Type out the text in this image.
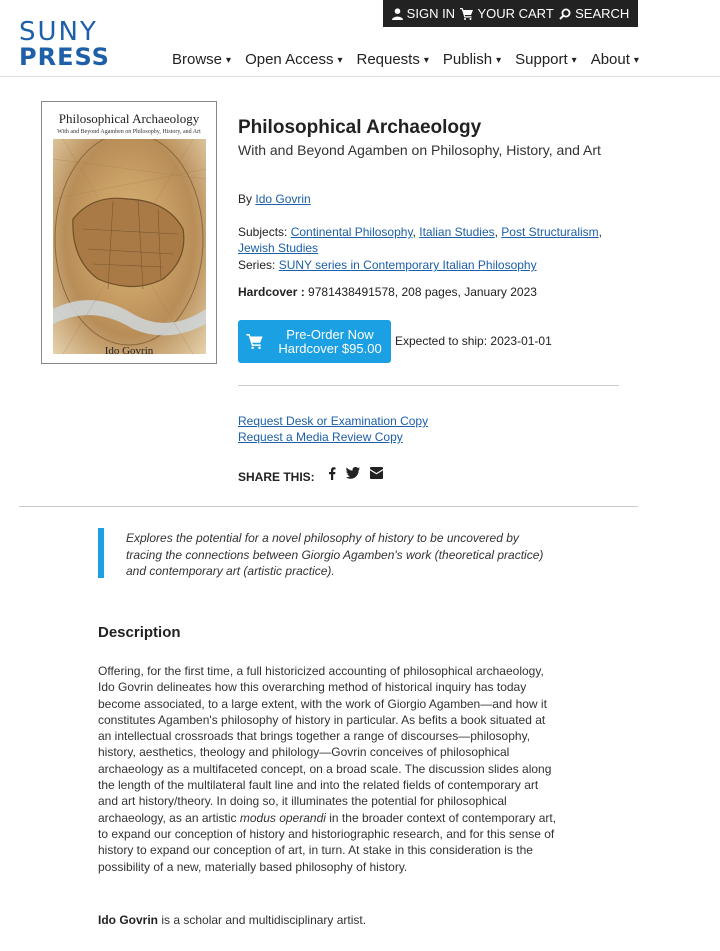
SUNY
PRESS
SIGN IN YOUR CART SEARCH
Browse ▾ Open Access ▾ Requests ▾ Publish ▾ Support ▾ About ▾
Philosophical Archaeology
With and Beyond Agamben on Philosophy, History, and Art
Ido Govrin
Philosophical Archaeology
With and Beyond Agamben on Philosophy, History, and Art
By Ido Govrin
Subjects: Continental Philosophy, Italian Studies, Post Structuralism, Jewish Studies
Series: SUNY series in Contemporary Italian Philosophy
Hardcover : 9781438491578, 208 pages, January 2023
Pre-Order Now
Hardcover $95.00	Expected to ship: 2023-01-01
Request Desk or Examination Copy
Request a Media Review Copy
SHARE THIS:
Explores the potential for a novel philosophy of history to be uncovered by tracing the connections between Giorgio Agamben's work (theoretical practice) and contemporary art (artistic practice).
Description
Offering, for the first time, a full historicized accounting of philosophical archaeology, Ido Govrin delineates how this overarching method of historical inquiry has today become associated, to a large extent, with the work of Giorgio Agamben—and how it constitutes Agamben's philosophy of history in particular. As befits a book situated at an intellectual crossroads that brings together a range of discourses—philosophy, history, aesthetics, theology and philology—Govrin conceives of philosophical archaeology as a multifaceted concept, on a broad scale. The discussion slides along the length of the multilateral fault line and into the related fields of contemporary art and art history/theory. In doing so, it illuminates the potential for philosophical archaeology, as an artistic modus operandi in the broader context of contemporary art, to expand our conception of history and historiographic research, and for this sense of history to expand our conception of art, in turn. At stake in this consideration is the possibility of a new, materially based philosophy of history.
Ido Govrin is a scholar and multidisciplinary artist.
